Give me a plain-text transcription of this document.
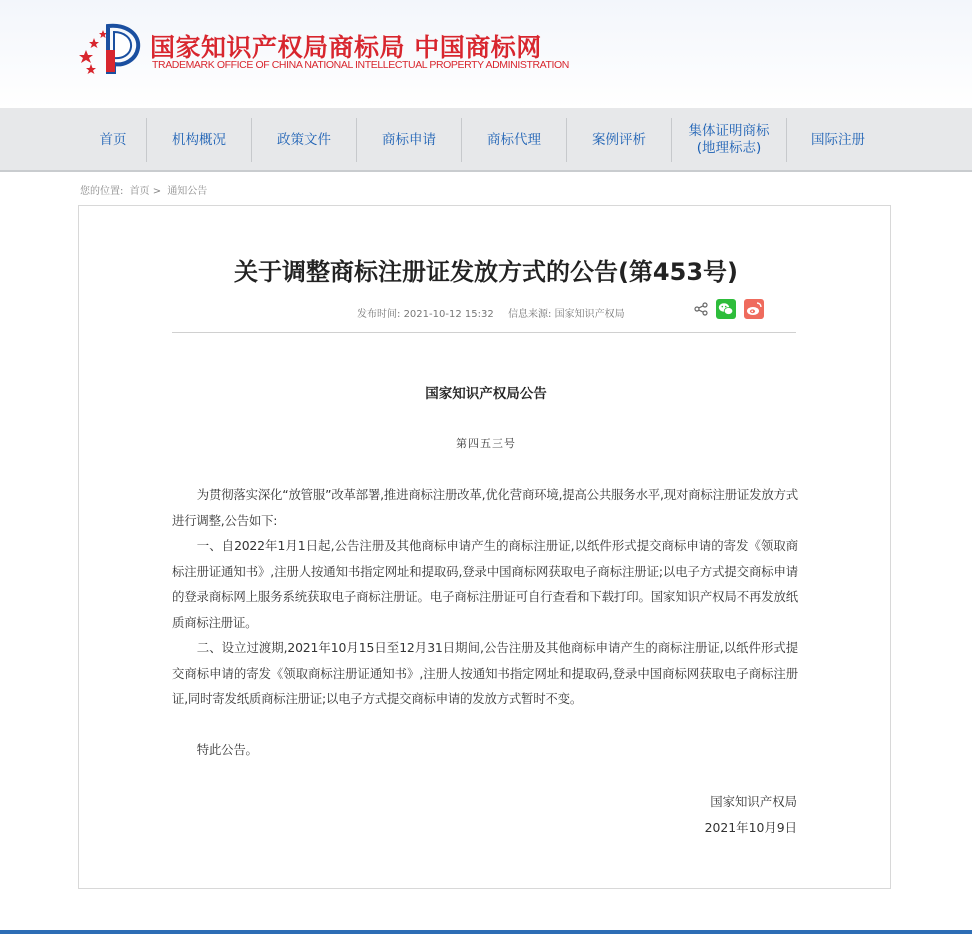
国家知识产权局商标局 中国商标网
TRADEMARK OFFICE OF CHINA NATIONAL INTELLECTUAL PROPERTY ADMINISTRATION
首页	机构概况	政策文件	商标申请	商标代理	案例评析
集体证明商标
(地理标志)
国际注册
您的位置: 首页 > 通知公告
关于调整商标注册证发放方式的公告(第453号)
发布时间: 2021-10-12 15:32 信息来源: 国家知识产权局
国家知识产权局公告
第四五三号

为贯彻落实深化“放管服”改革部署,推进商标注册改革,优化营商环境,提高公共服务水平,现对商标注册证发放方式进行调整,公告如下:

一、自2022年1月1日起,公告注册及其他商标申请产生的商标注册证,以纸件形式提交商标申请的寄发《领取商标注册证通知书》,注册人按通知书指定网址和提取码,登录中国商标网获取电子商标注册证;以电子方式提交商标申请的登录商标网上服务系统获取电子商标注册证。电子商标注册证可自行查看和下载打印。国家知识产权局不再发放纸质商标注册证。

二、设立过渡期,2021年10月15日至12月31日期间,公告注册及其他商标申请产生的商标注册证,以纸件形式提交商标申请的寄发《领取商标注册证通知书》,注册人按通知书指定网址和提取码,登录中国商标网获取电子商标注册证,同时寄发纸质商标注册证;以电子方式提交商标申请的发放方式暂时不变。

特此公告。

国家知识产权局
2021年10月9日
